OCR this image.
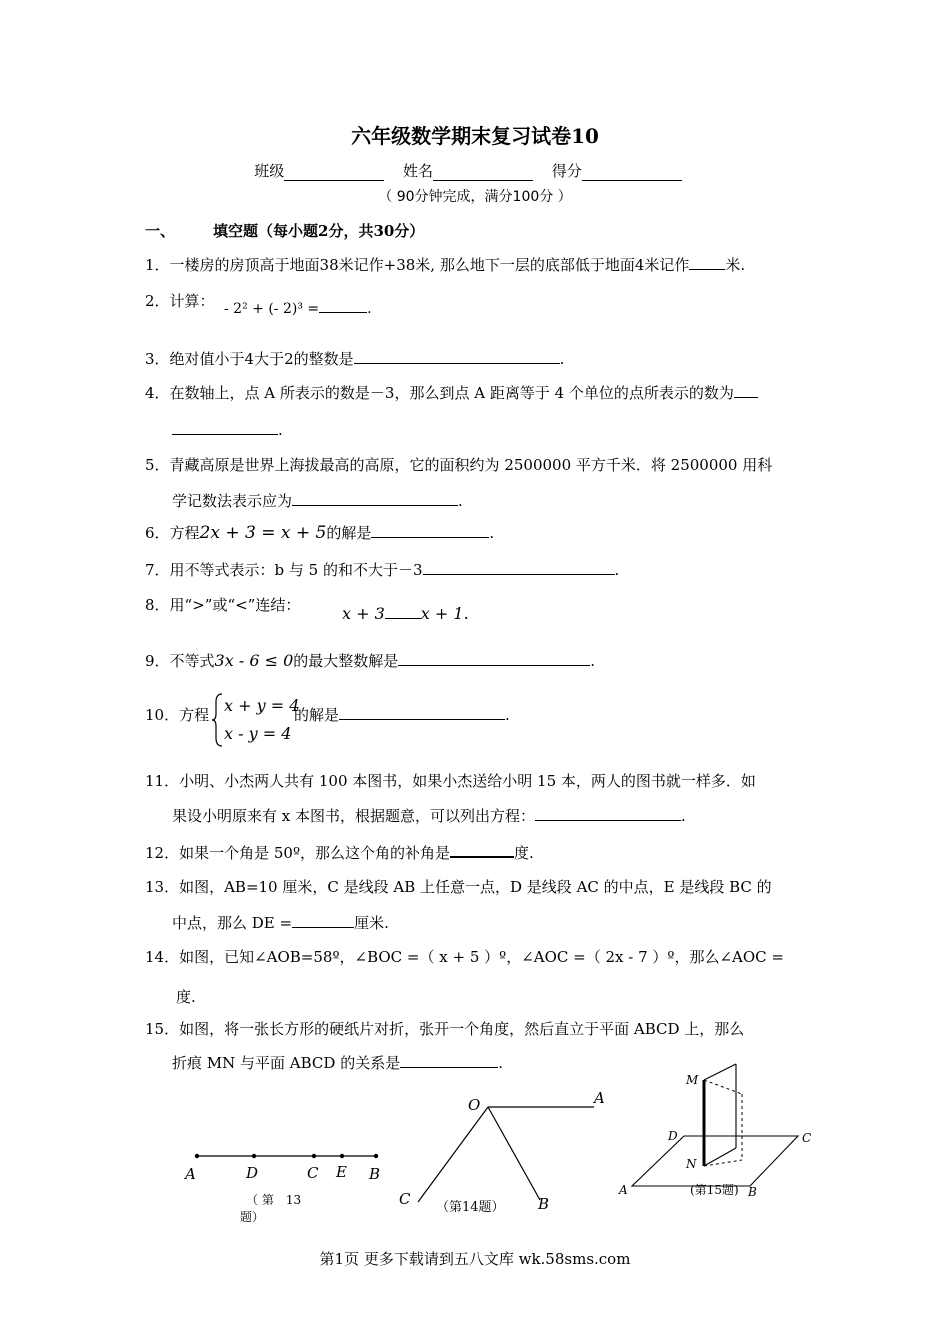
六年级数学期末复习试卷10
班级	姓名	得分
（ 90分钟完成，满分100分 ）
一、	填空题（每小题2分，共30分）
1．一楼房的房顶高于地面38米记作+38米, 那么地下一层的底部低于地面4米记作 米.
2．计算： - 2² + (- 2)³ =	.
3．绝对值小于4大于2的整数是	.
4．在数轴上，点 A 所表示的数是－3，那么到点 A 距离等于 4 个单位的点所表示的数为
.
5．青藏高原是世界上海拔最高的高原，它的面积约为 2500000 平方千米．将 2500000 用科
学记数法表示应为	.
6．方程2x + 3 = x + 5的解是	.
7．用不等式表示：b 与 5 的和不大于－3	.
8．用“>”或“<”连结：	x + 3 x + 1.
9．不等式3x - 6 ≤ 0的最大整数解是	.
10．方程 x + y = 4
x - y = 4
的解是	.
11．小明、小杰两人共有 100 本图书，如果小杰送给小明 15 本，两人的图书就一样多．如
果设小明原来有 x 本图书，根据题意，可以列出方程：	.
12．如果一个角是 50º，那么这个角的补角是	度.
13．如图，AB=10 厘米，C 是线段 AB 上任意一点，D 是线段 AC 的中点，E 是线段 BC 的
中点，那么 DE =	厘米.
14．如图，已知∠AOB=58º，∠BOC =（ x + 5 ）º，∠AOC =（ 2x - 7 ）º，那么∠AOC =
度.
15．如图，将一张长方形的硬纸片对折，张开一个角度，然后直立于平面 ABCD 上，那么
折痕 MN 与平面 ABCD 的关系是	.
A	D	C E B
（ 第　13
题）
O	A
C	B
（第14题）
M
D	C
N
A	B
(第15题)
第1页 更多下载请到五八文库 wk.58sms.com
